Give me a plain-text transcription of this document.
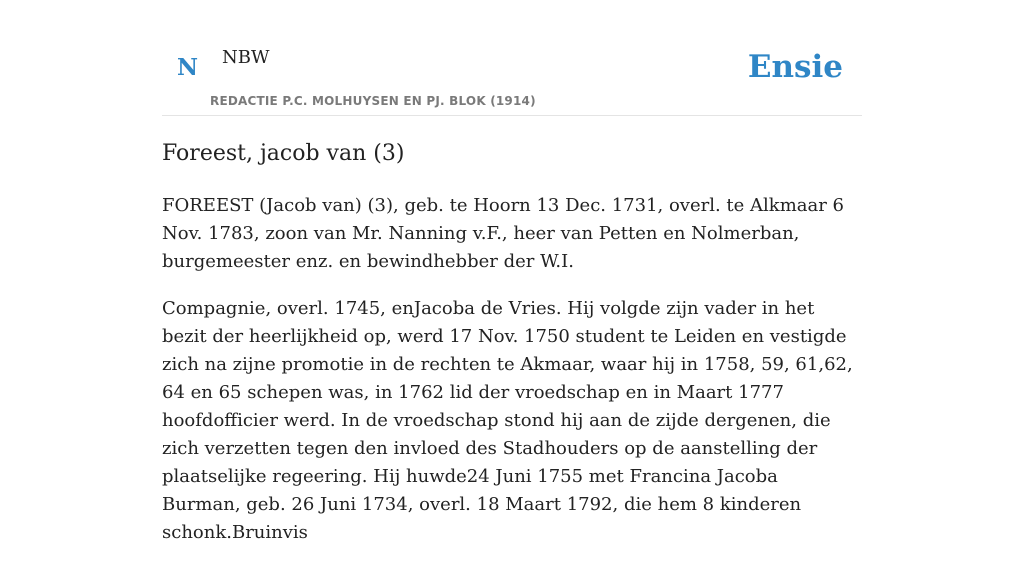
N NBW
REDACTIE P.C. MOLHUYSEN EN PJ. BLOK (1914)
Ensie
Foreest, jacob van (3)

FOREEST (Jacob van) (3), geb. te Hoorn 13 Dec. 1731, overl. te Alkmaar 6 Nov. 1783, zoon van Mr. Nanning v.F., heer van Petten en Nolmerban, burgemeester enz. en bewindhebber der W.I.

Compagnie, overl. 1745, enJacoba de Vries. Hij volgde zijn vader in het bezit der heerlijkheid op, werd 17 Nov. 1750 student te Leiden en vestigde zich na zijne promotie in de rechten te Akmaar, waar hij in 1758, 59, 61,62, 64 en 65 schepen was, in 1762 lid der vroedschap en in Maart 1777 hoofdofficier werd. In de vroedschap stond hij aan de zijde dergenen, die zich verzetten tegen den invloed des Stadhouders op de aanstelling der plaatselijke regeering. Hij huwde24 Juni 1755 met Francina Jacoba Burman, geb. 26 Juni 1734, overl. 18 Maart 1792, die hem 8 kinderen schonk.Bruinvis
